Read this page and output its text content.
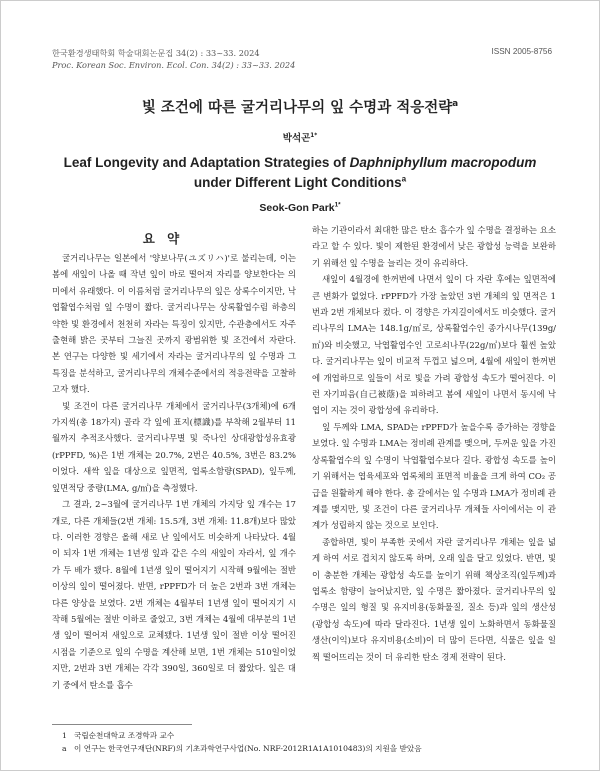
한국환경생태학회 학술대회논문집 34(2) : 33~33. 2024
Proc. Korean Soc. Environ. Ecol. Con. 34(2) : 33~33. 2024
ISSN 2005-8756
빛 조건에 따른 굴거리나무의 잎 수명과 적응전략$^a$
박석곤$^{1*}$
Leaf Longevity and Adaptation Strategies of Daphniphyllum macropodum under Different Light Conditions$^a$
Seok-Gon Park$^{1*}$
요 약

굴거리나무는 일본에서 '양보나무(ユズリハ)'로 불리는데, 이는 봄에 새잎이 나올 때 작년 잎이 바로 떨어져 자리를 양보한다는 의미에서 유래했다. 이 이름처럼 굴거리나무의 잎은 상록수이지만, 낙엽활엽수처럼 잎 수명이 짧다. 굴거리나무는 상록활엽수림 하층의 약한 빛 환경에서 천천히 자라는 특징이 있지만, 수관층에서도 자주 출현해 밝은 곳부터 그늘진 곳까지 광범위한 빛 조건에서 자란다. 본 연구는 다양한 빛 세기에서 자라는 굴거리나무의 잎 수명과 그 특징을 분석하고, 굴거리나무의 개체수준에서의 적응전략을 고찰하고자 했다.

빛 조건이 다른 굴거리나무 개체에서 굴거리나무(3개체)에 6개 가지씩(총 18가지) 골라 각 잎에 표지(標識)를 부착해 2월부터 11월까지 추적조사했다. 굴거리나무별 및 죽나인 상대광합성유효광(rPPFD, %)은 1번 개체는 20.7%, 2번은 40.5%, 3번은 83.2%이었다. 새싹 잎을 대상으로 잎면적, 엽록소함량(SPAD), 잎두께, 잎면적당 중량(LMA, g/㎡)을 측정했다.

그 결과, 2~3월에 굴거리나무 1번 개체의 가지당 잎 개수는 17개로, 다른 개체들(2번 개체: 15.5개, 3번 개체: 11.8개)보다 많았다. 이러한 경향은 올해 새로 난 잎에서도 비슷하게 나타났다. 4월이 되자 1번 개체는 1년생 잎과 같은 수의 새잎이 자라서, 잎 개수가 두 배가 됐다. 8월에 1년생 잎이 떨어지기 시작해 9월에는 절반 이상의 잎이 떨어졌다. 반면, rPPFD가 더 높은 2번과 3번 개체는 다른 양상을 보였다. 2번 개체는 4월부터 1년생 잎이 떨어지기 시작해 5월에는 절반 이하로 줄었고, 3번 개체는 4월에 대부분의 1년생 잎이 떨어져 새잎으로 교체됐다. 1년생 잎이 절반 이상 떨어진 시점을 기준으로 잎의 수명을 계산해 보면, 1번 개체는 510일이었지만, 2번과 3번 개체는 각각 390일, 360일로 더 짧았다. 잎은 대기 중에서 탄소를 흡수

하는 기관이라서 최대한 많은 탄소 흡수가 잎 수명을 결정하는 요소라고 할 수 있다. 빛이 제한된 환경에서 낮은 광합성 능력을 보완하기 위해선 잎 수명을 늘리는 것이 유리하다.

새잎이 4월경에 한꺼번에 나면서 잎이 다 자란 후에는 잎면적에 큰 변화가 없었다. rPPFD가 가장 높았던 3번 개체의 잎 면적은 1번과 2번 개체보다 컸다. 이 경향은 가지길이에서도 비슷했다. 굴거리나무의 LMA는 148.1g/㎡로, 상록활엽수인 종가시나무(139g/㎡)와 비슷했고, 낙엽활엽수인 고로쇠나무(22g/㎡)보다 훨씬 높았다. 굴거리나무는 잎이 비교적 두껍고 넓으며, 4월에 새잎이 한꺼번에 개엽하므로 잎들이 서로 빛을 가려 광합성 속도가 떨어진다. 이런 자기피음(自己被蔭)을 피하려고 봄에 새잎이 나면서 동시에 낙엽이 지는 것이 광합성에 유리하다.

잎 두께와 LMA, SPAD는 rPPFD가 높을수록 증가하는 경향을 보였다. 잎 수명과 LMA는 정비례 관계를 맺으며, 두꺼운 잎을 가진 상록활엽수의 잎 수명이 낙엽활엽수보다 길다. 광합성 속도를 높이기 위해서는 엽육세포와 엽록체의 표면적 비율을 크게 하여 CO₂ 공급을 원활하게 해야 한다. 총 갈에서는 잎 수명과 LMA가 정비례 관계를 맺지만, 빛 조건이 다른 굴거리나무 개체들 사이에서는 이 관계가 성립하지 않는 것으로 보인다.

종합하면, 빛이 부족한 곳에서 자란 굴거리나무 개체는 잎을 넓게 하여 서로 겹치지 않도록 하며, 오래 잎을 달고 있었다. 반면, 빛이 충분한 개체는 광합성 속도를 높이기 위해 책상조직(잎두께)과 엽록소 함량이 늘어났지만, 잎 수명은 짧아졌다. 굴거리나무의 잎 수명은 잎의 형질 및 유지비용(동화물질, 질소 등)과 잎의 생산성(광합성 속도)에 따라 달라진다. 1년생 잎이 노화하면서 동화물질 생산(이익)보다 유지비용(소비)이 더 많이 든다면, 식물은 잎을 일찍 떨어뜨리는 것이 더 유리한 탄소 경제 전략이 된다.

1 국립순천대학교 조경학과 교수
a 이 연구는 한국연구재단(NRF)의 기초과학연구사업(No. NRF-2012R1A1A1010483)의 지원을 받았음
